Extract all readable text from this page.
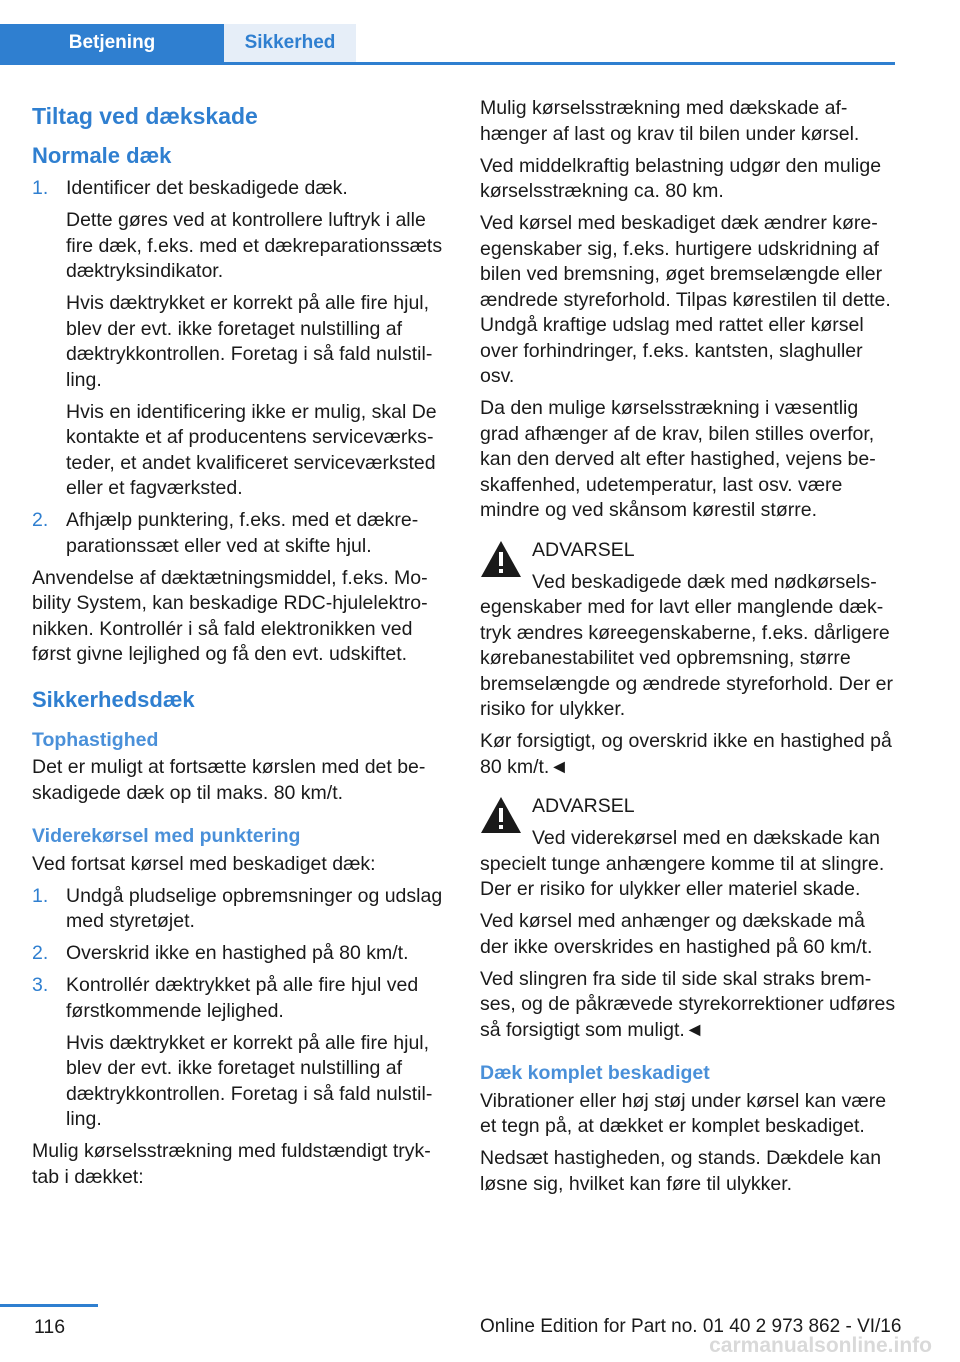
Betjening	Sikkerhed
Tiltag ved dækskade
Normale dæk
1. Identificer det beskadigede dæk.

Dette gøres ved at kontrollere luftryk i alle fire dæk, f.eks. med et dækreparationssæts dæktryksindikator.

Hvis dæktrykket er korrekt på alle fire hjul, blev der evt. ikke foretaget nulstilling af dæktrykkontrollen. Foretag i så fald nulstilling.

Hvis en identificering ikke er mulig, skal De kontakte et af producentens serviceværksteder, et andet kvalificeret serviceværksted eller et fagværksted.

2. Afhjælp punktering, f.eks. med et dækreparationssæt eller ved at skifte hjul.

Anvendelse af dæktætningsmiddel, f.eks. Mobility System, kan beskadige RDC-hjulelektronikken. Kontrollér i så fald elektronikken ved først givne lejlighed og få den evt. udskiftet.

Sikkerhedsdæk
Tophastighed

Det er muligt at fortsætte kørslen med det beskadigede dæk op til maks. 80 km/t.

Viderekørsel med punktering

Ved fortsat kørsel med beskadiget dæk:

1. Undgå pludselige opbremsninger og udslag med styretøjet.
2. Overskrid ikke en hastighed på 80 km/t.
3. Kontrollér dæktrykket på alle fire hjul ved førstkommende lejlighed.

Hvis dæktrykket er korrekt på alle fire hjul, blev der evt. ikke foretaget nulstilling af dæktrykkontrollen. Foretag i så fald nulstilling.

Mulig kørselsstrækning med fuldstændigt tryktab i dækket:

Mulig kørselsstrækning med dækskade afhænger af last og krav til bilen under kørsel.

Ved middelkraftig belastning udgør den mulige kørselsstrækning ca. 80 km.

Ved kørsel med beskadiget dæk ændrer køreegenskaber sig, f.eks. hurtigere udskridning af bilen ved bremsning, øget bremselængde eller ændrede styreforhold. Tilpas kørestilen til dette. Undgå kraftige udslag med rattet eller kørsel over forhindringer, f.eks. kantsten, slaghuller osv.

Da den mulige kørselsstrækning i væsentlig grad afhænger af de krav, bilen stilles overfor, kan den derved alt efter hastighed, vejens beskaffenhed, udetemperatur, last osv. være mindre og ved skånsom kørestil større.

ADVARSEL

Ved beskadigede dæk med nødkørselsegenskaber med for lavt eller manglende dæktryk ændres køreegenskaberne, f.eks. dårligere kørebanestabilitet ved opbremsning, større bremselængde og ændrede styreforhold. Der er risiko for ulykker.

Kør forsigtigt, og overskrid ikke en hastighed på 80 km/t.◄

ADVARSEL

Ved viderekørsel med en dækskade kan specielt tunge anhængere komme til at slingre. Der er risiko for ulykker eller materiel skade.

Ved kørsel med anhænger og dækskade må der ikke overskrides en hastighed på 60 km/t.

Ved slingren fra side til side skal straks bremses, og de påkrævede styrekorrektioner udføres så forsigtigt som muligt.◄

Dæk komplet beskadiget

Vibrationer eller høj støj under kørsel kan være et tegn på, at dækket er komplet beskadiget.

Nedsæt hastigheden, og stands. Dækdele kan løsne sig, hvilket kan føre til ulykker.

116	Online Edition for Part no. 01 40 2 973 862 - VI/16
carmanualsonline.info
